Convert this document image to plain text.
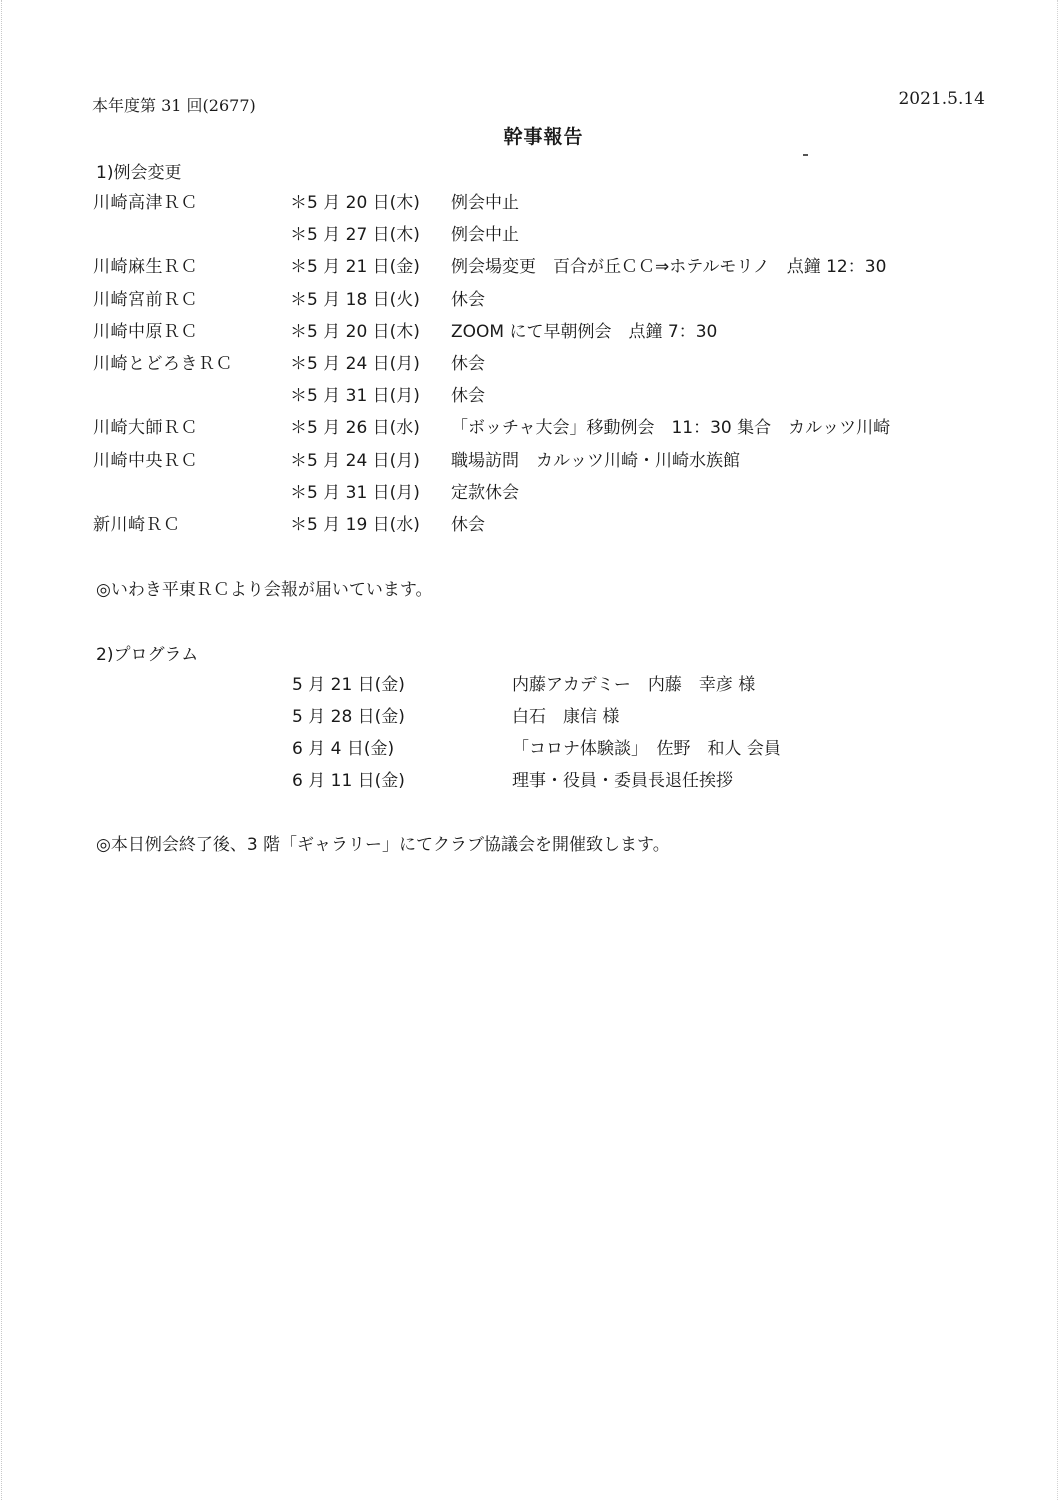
本年度第 31 回(2677)	2021.5.14
幹事報告
1)例会変更
川崎高津ＲＣ	＊5 月 20 日(木) 例会中止
＊5 月 27 日(木) 例会中止
川崎麻生ＲＣ	＊5 月 21 日(金) 例会場変更　百合が丘ＣＣ⇒ホテルモリノ　点鐘 12：30
川崎宮前ＲＣ	＊5 月 18 日(火) 休会
川崎中原ＲＣ	＊5 月 20 日(木) ZOOM にて早朝例会　点鐘 7：30
川崎とどろきＲＣ	＊5 月 24 日(月) 休会
＊5 月 31 日(月) 休会
川崎大師ＲＣ	＊5 月 26 日(水) 「ボッチャ大会」移動例会　11：30 集合　カルッツ川崎
川崎中央ＲＣ	＊5 月 24 日(月) 職場訪問　カルッツ川崎・川崎水族館
＊5 月 31 日(月) 定款休会
新川崎ＲＣ	＊5 月 19 日(水) 休会
◎いわき平東ＲＣより会報が届いています。
2)プログラム
5 月 21 日(金)	内藤アカデミー　内藤　幸彦 様
5 月 28 日(金)	白石　康信 様
6 月 4 日(金)	「コロナ体験談」　佐野　和人 会員
6 月 11 日(金)	理事・役員・委員長退任挨拶
◎本日例会終了後、3 階「ギャラリー」にてクラブ協議会を開催致します。
